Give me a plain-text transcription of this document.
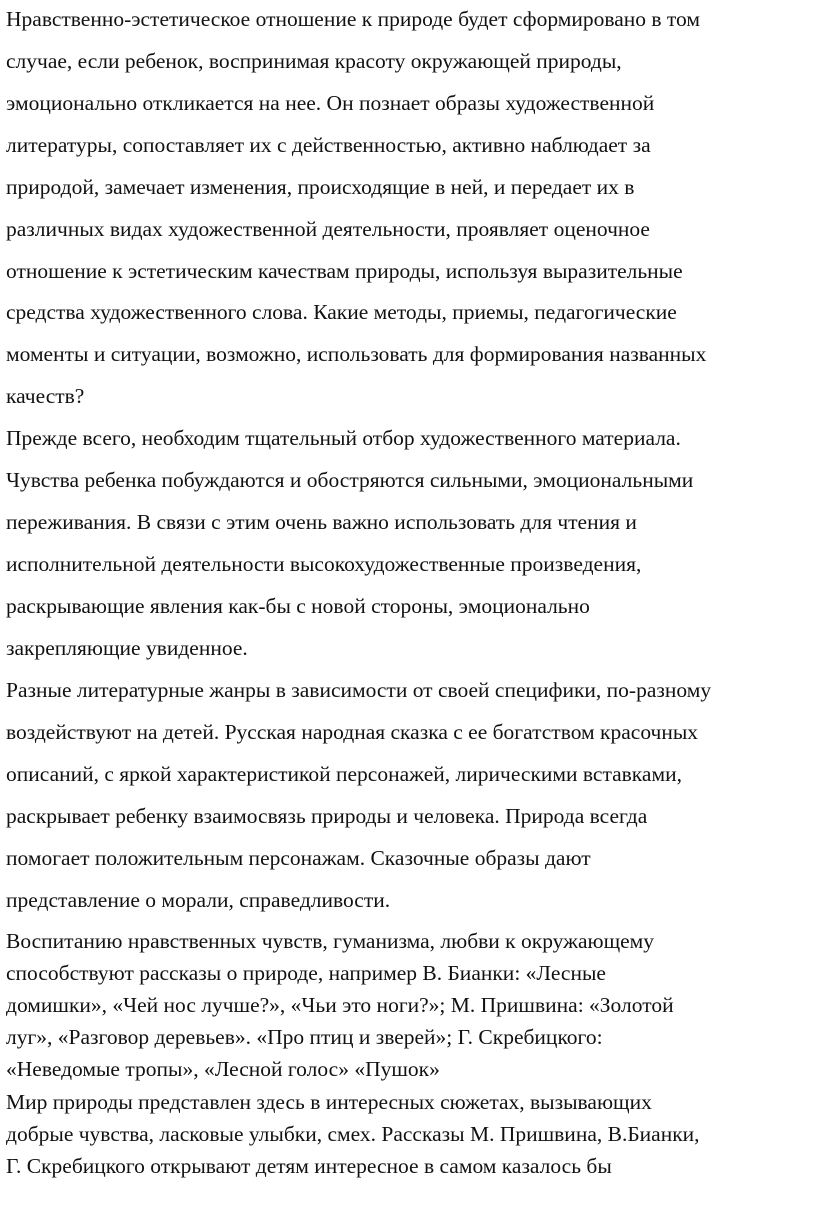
Нравственно-эстетическое отношение к природе будет сформировано в том
случае, если ребенок, воспринимая красоту окружающей природы,
эмоционально откликается на нее. Он познает образы художественной
литературы, сопоставляет их с действенностью, активно наблюдает за
природой, замечает изменения, происходящие в ней, и передает их в
различных видах художественной деятельности, проявляет оценочное
отношение к эстетическим качествам природы, используя выразительные
средства художественного слова. Какие методы, приемы, педагогические
моменты и ситуации, возможно, использовать для формирования названных
качеств?
Прежде всего, необходим тщательный отбор художественного материала.
Чувства ребенка побуждаются и обостряются сильными, эмоциональными
переживания. В связи с этим очень важно использовать для чтения и
исполнительной деятельности высокохудожественные произведения,
раскрывающие явления как-бы с новой стороны, эмоционально
закрепляющие увиденное.
Разные литературные жанры в зависимости от своей специфики, по-разному
воздействуют на детей. Русская народная сказка с ее богатством красочных
описаний, с яркой характеристикой персонажей, лирическими вставками,
раскрывает ребенку взаимосвязь природы и человека. Природа всегда
помогает положительным персонажам. Сказочные образы дают
представление о морали, справедливости.
Воспитанию нравственных чувств, гуманизма, любви к окружающему
способствуют рассказы о природе, например В. Бианки: «Лесные
домишки», «Чей нос лучше?», «Чьи это ноги?»; М. Пришвина: «Золотой
луг», «Разговор деревьев». «Про птиц и зверей»; Г. Скребицкого:
«Неведомые тропы», «Лесной голос» «Пушок»
Мир природы представлен здесь в интересных сюжетах, вызывающих
добрые чувства, ласковые улыбки, смех. Рассказы М. Пришвина, В.Бианки,
Г. Скребицкого открывают детям интересное в самом казалось бы
